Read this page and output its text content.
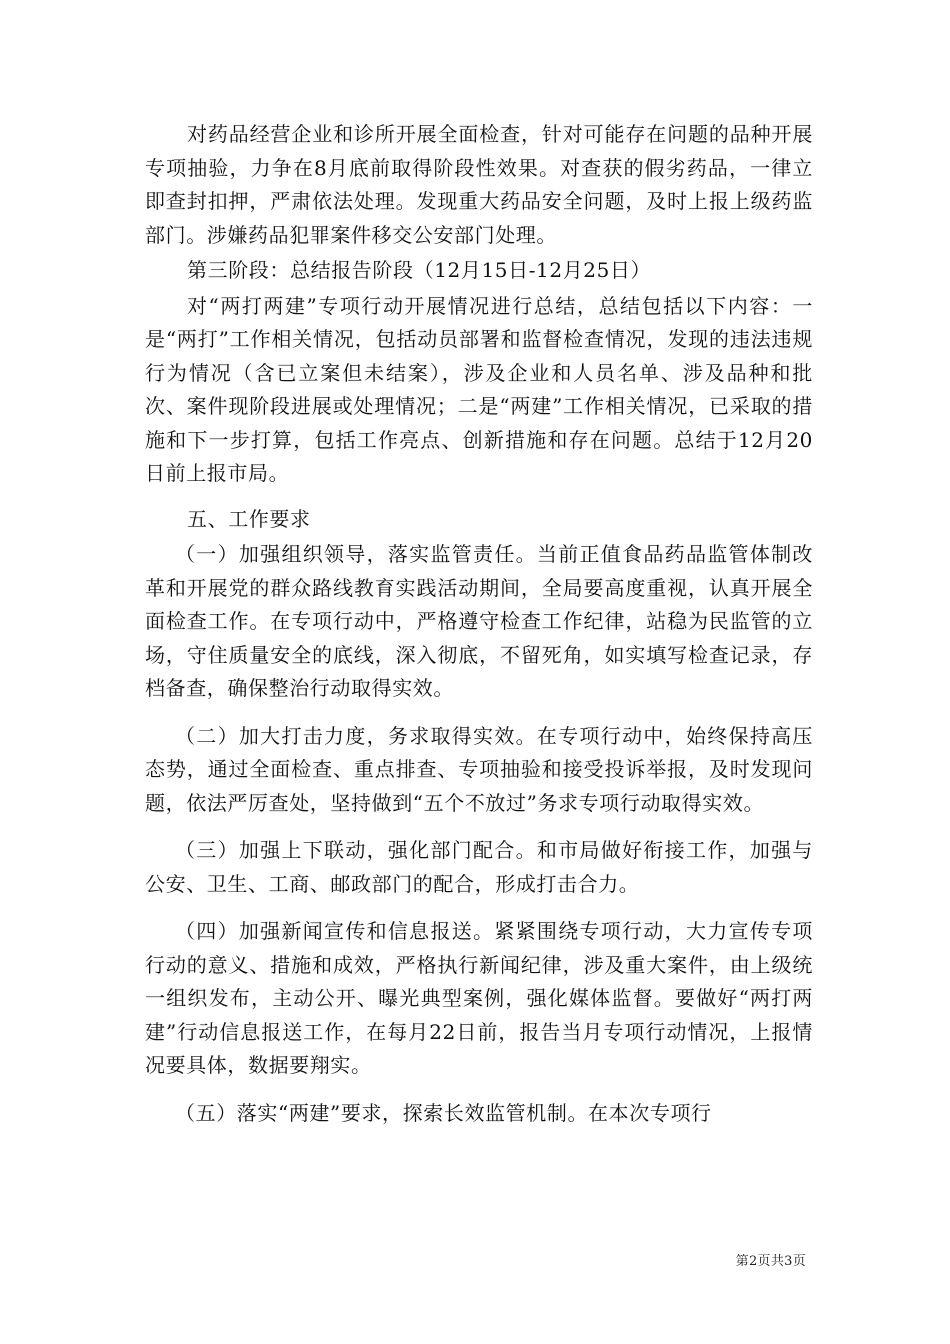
对药品经营企业和诊所开展全面检查，针对可能存在问题的品种开展专项抽验，力争在8月底前取得阶段性效果。对查获的假劣药品，一律立即查封扣押，严肃依法处理。发现重大药品安全问题，及时上报上级药监部门。涉嫌药品犯罪案件移交公安部门处理。

第三阶段：总结报告阶段（12月15日-12月25日）

对“两打两建”专项行动开展情况进行总结，总结包括以下内容：一是“两打”工作相关情况，包括动员部署和监督检查情况，发现的违法违规行为情况（含已立案但未结案），涉及企业和人员名单、涉及品种和批次、案件现阶段进展或处理情况；二是“两建”工作相关情况，已采取的措施和下一步打算，包括工作亮点、创新措施和存在问题。总结于12月20日前上报市局。

五、工作要求

（一）加强组织领导，落实监管责任。当前正值食品药品监管体制改革和开展党的群众路线教育实践活动期间，全局要高度重视，认真开展全面检查工作。在专项行动中，严格遵守检查工作纪律，站稳为民监管的立场，守住质量安全的底线，深入彻底，不留死角，如实填写检查记录，存档备查，确保整治行动取得实效。

（二）加大打击力度，务求取得实效。在专项行动中，始终保持高压态势，通过全面检查、重点排查、专项抽验和接受投诉举报，及时发现问题，依法严厉查处，坚持做到“五个不放过”务求专项行动取得实效。

（三）加强上下联动，强化部门配合。和市局做好衔接工作，加强与公安、卫生、工商、邮政部门的配合，形成打击合力。

（四）加强新闻宣传和信息报送。紧紧围绕专项行动，大力宣传专项行动的意义、措施和成效，严格执行新闻纪律，涉及重大案件，由上级统一组织发布，主动公开、曝光典型案例，强化媒体监督。要做好“两打两建”行动信息报送工作，在每月22日前，报告当月专项行动情况，上报情况要具体，数据要翔实。

（五）落实“两建”要求，探索长效监管机制。在本次专项行

第2页共3页
